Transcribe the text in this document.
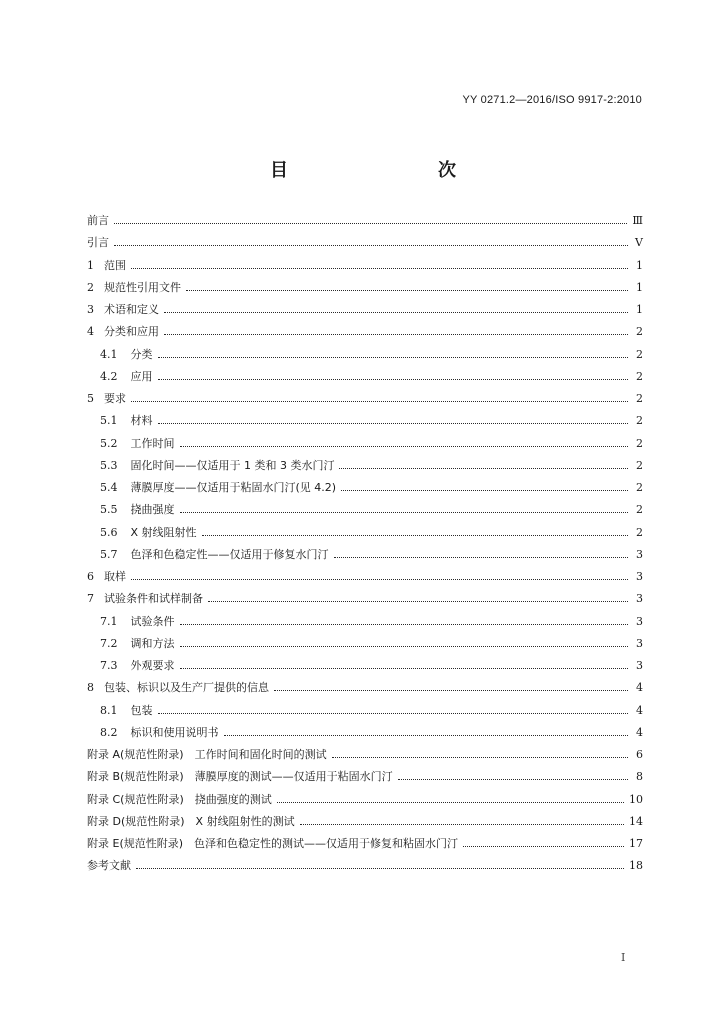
YY 0271.2—2016/ISO 9917-2:2010
目　　次
前言	Ⅲ
引言	Ⅴ
1 范围	1
2 规范性引用文件	1
3 术语和定义	1
4 分类和应用	2
4.1 分类	2
4.2 应用	2
5 要求	2
5.1 材料	2
5.2 工作时间	2
5.3 固化时间——仅适用于 1 类和 3 类水门汀	2
5.4 薄膜厚度——仅适用于粘固水门汀(见 4.2)	2
5.5 挠曲强度	2
5.6 X 射线阻射性	2
5.7 色泽和色稳定性——仅适用于修复水门汀	3
6 取样	3
7 试验条件和试样制备	3
7.1 试验条件	3
7.2 调和方法	3
7.3 外观要求	3
8 包装、标识以及生产厂提供的信息	4
8.1 包装	4
8.2 标识和使用说明书	4
附录 A(规范性附录)　工作时间和固化时间的测试	6
附录 B(规范性附录)　薄膜厚度的测试——仅适用于粘固水门汀	8
附录 C(规范性附录)　挠曲强度的测试	10
附录 D(规范性附录)　X 射线阻射性的测试	14
附录 E(规范性附录)　色泽和色稳定性的测试——仅适用于修复和粘固水门汀	17
参考文献	18
Ⅰ
